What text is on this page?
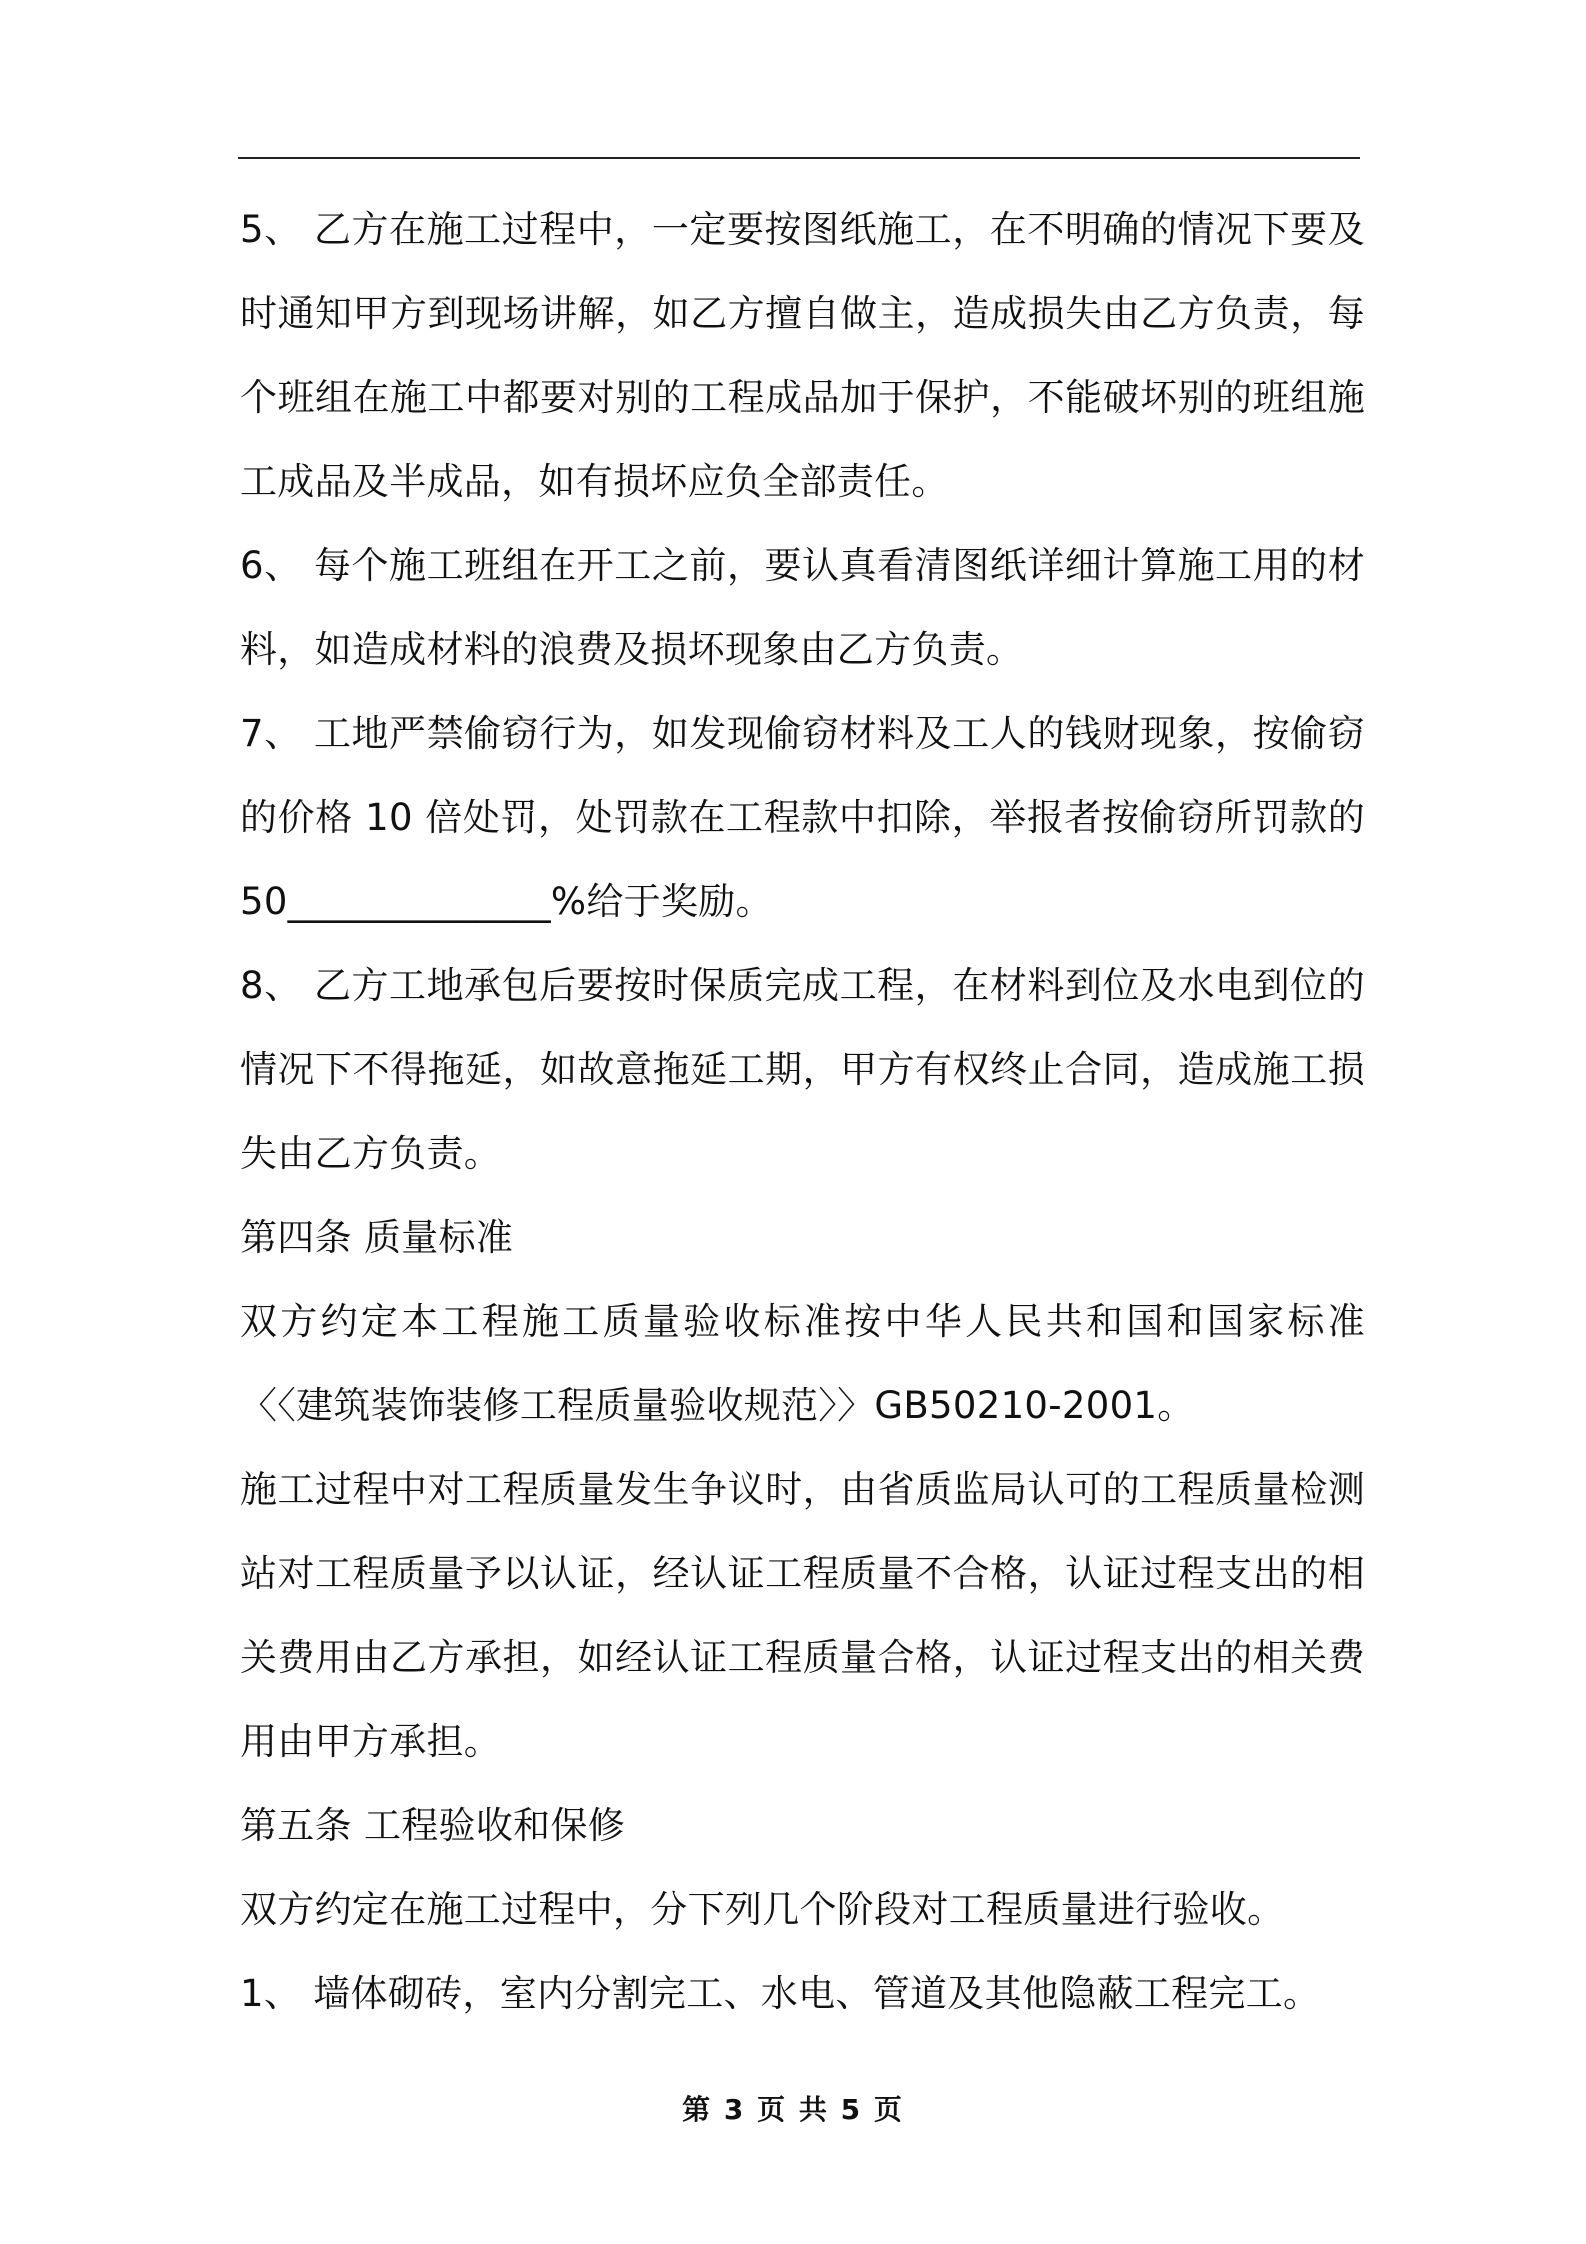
5、 乙方在施工过程中，一定要按图纸施工，在不明确的情况下要及
时通知甲方到现场讲解，如乙方擅自做主，造成损失由乙方负责，每
个班组在施工中都要对别的工程成品加于保护，不能破坏别的班组施
工成品及半成品，如有损坏应负全部责任。
6、 每个施工班组在开工之前，要认真看清图纸详细计算施工用的材
料，如造成材料的浪费及损坏现象由乙方负责。
7、 工地严禁偷窃行为，如发现偷窃材料及工人的钱财现象，按偷窃
的价格 10 倍处罚，处罚款在工程款中扣除，举报者按偷窃所罚款的
50______________%给于奖励。
8、 乙方工地承包后要按时保质完成工程，在材料到位及水电到位的
情况下不得拖延，如故意拖延工期，甲方有权终止合同，造成施工损
失由乙方负责。
第四条 质量标准
双方约定本工程施工质量验收标准按中华人民共和国和国家标准
〈〈建筑装饰装修工程质量验收规范〉〉GB50210-2001。
施工过程中对工程质量发生争议时，由省质监局认可的工程质量检测
站对工程质量予以认证，经认证工程质量不合格，认证过程支出的相
关费用由乙方承担，如经认证工程质量合格，认证过程支出的相关费
用由甲方承担。
第五条 工程验收和保修
双方约定在施工过程中，分下列几个阶段对工程质量进行验收。
1、 墙体砌砖，室内分割完工、水电、管道及其他隐蔽工程完工。
第 3 页 共 5 页
